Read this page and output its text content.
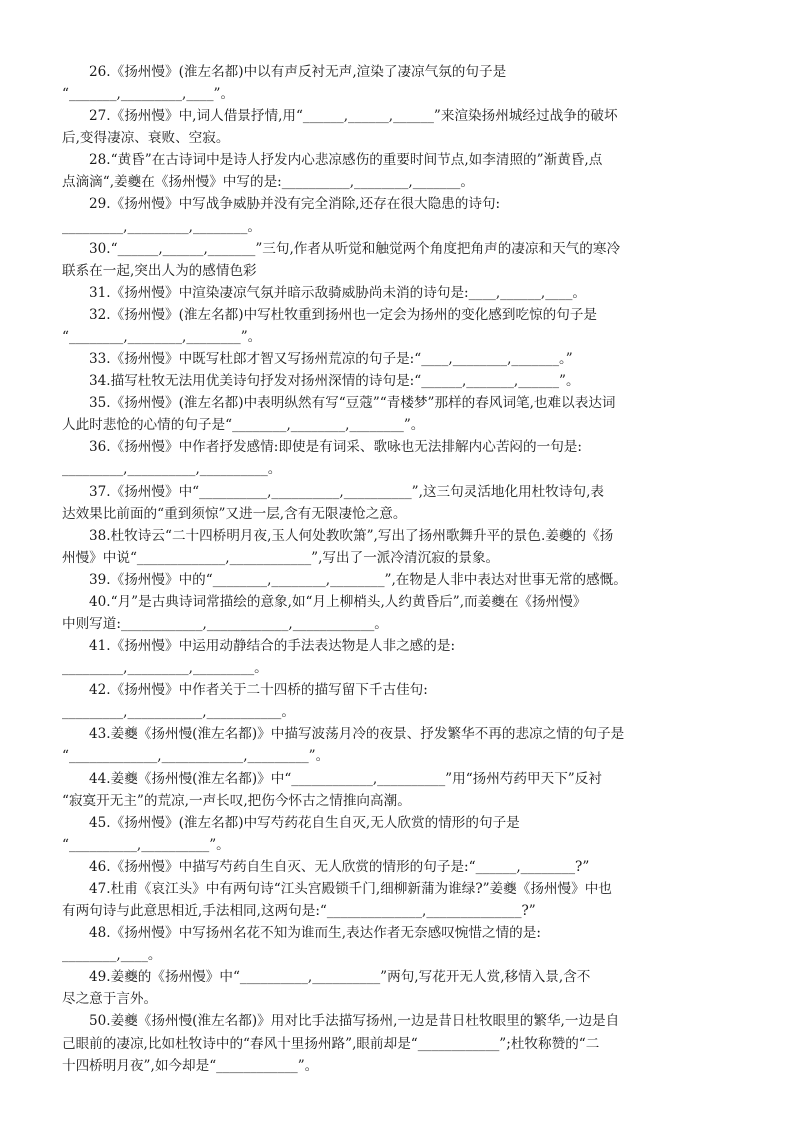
26.《扬州慢》(淮左名都)中以有声反衬无声,渲染了凄凉气氛的句子是
“_______,_________,____”。
27.《扬州慢》中,词人借景抒情,用“______,______,______”来渲染扬州城经过战争的破坏
后,变得凄凉、衰败、空寂。
28.“黄昏”在古诗词中是诗人抒发内心悲凉感伤的重要时间节点,如李清照的”渐黄昏,点
点滴滴“,姜夔在《扬州慢》中写的是:__________,________,_______。
29.《扬州慢》中写战争威胁并没有完全消除,还存在很大隐患的诗句:
_________,_________,________。
30.“______,______,_______”三句,作者从听觉和触觉两个角度把角声的凄凉和天气的寒冷
联系在一起,突出人为的感情色彩
31.《扬州慢》中渲染凄凉气氛并暗示敌骑威胁尚未消的诗句是:____,______,____。
32.《扬州慢》(淮左名都)中写杜牧重到扬州也一定会为扬州的变化感到吃惊的句子是
“________,________,________”。
33.《扬州慢》中既写杜郎才智又写扬州荒凉的句子是:“____,________,_______。”
34.描写杜牧无法用优美诗句抒发对扬州深情的诗句是:“______,_______,______”。
35.《扬州慢》(淮左名都)中表明纵然有写“豆蔻”“青楼梦”那样的春风词笔,也难以表达词
人此时悲怆的心情的句子是“________,________,________”。
36.《扬州慢》中作者抒发感情:即使是有词采、歌咏也无法排解内心苦闷的一句是:
_________,__________,__________。
37.《扬州慢》中“__________,__________,__________”,这三句灵活地化用杜牧诗句,表
达效果比前面的“重到须惊”又进一层,含有无限凄怆之意。
38.杜牧诗云“二十四桥明月夜,玉人何处教吹箫”,写出了扬州歌舞升平的景色.姜夔的《扬
州慢》中说“_____________,____________”,写出了一派冷清沉寂的景象。
39.《扬州慢》中的“________,________,________”,在物是人非中表达对世事无常的感慨。
40.“月”是古典诗词常描绘的意象,如“月上柳梢头,人约黄昏后”,而姜夔在《扬州慢》
中则写道:____________,____________,____________。
41.《扬州慢》中运用动静结合的手法表达物是人非之感的是:
_________,_________,_________。
42.《扬州慢》中作者关于二十四桥的描写留下千古佳句:
_________,___________,___________。
43.姜夔《扬州慢(淮左名都)》中描写波荡月冷的夜景、抒发繁华不再的悲凉之情的句子是
“_____________,____________,_________”。
44.姜夔《扬州慢(淮左名都)》中“____________,__________”用“扬州芍药甲天下”反衬
“寂寞开无主”的荒凉,一声长叹,把伤今怀古之情推向高潮。
45.《扬州慢》(淮左名都)中写芍药花自生自灭,无人欣赏的情形的句子是
“__________,__________”。
46.《扬州慢》中描写芍药自生自灭、无人欣赏的情形的句子是:“______,________?”
47.杜甫《哀江头》中有两句诗“江头宫殿锁千门,细柳新蒲为谁绿?”姜夔《扬州慢》中也
有两句诗与此意思相近,手法相同,这两句是:“______________,______________?”
48.《扬州慢》中写扬州名花不知为谁而生,表达作者无奈感叹惋惜之情的是:
________,____。
49.姜夔的《扬州慢》中“__________,__________”两句,写花开无人赏,移情入景,含不
尽之意于言外。
50.姜夔《扬州慢(淮左名都)》用对比手法描写扬州,一边是昔日杜牧眼里的繁华,一边是自
己眼前的凄凉,比如杜牧诗中的“春风十里扬州路”,眼前却是“____________”;杜牧称赞的“二
十四桥明月夜”,如今却是“____________”。
